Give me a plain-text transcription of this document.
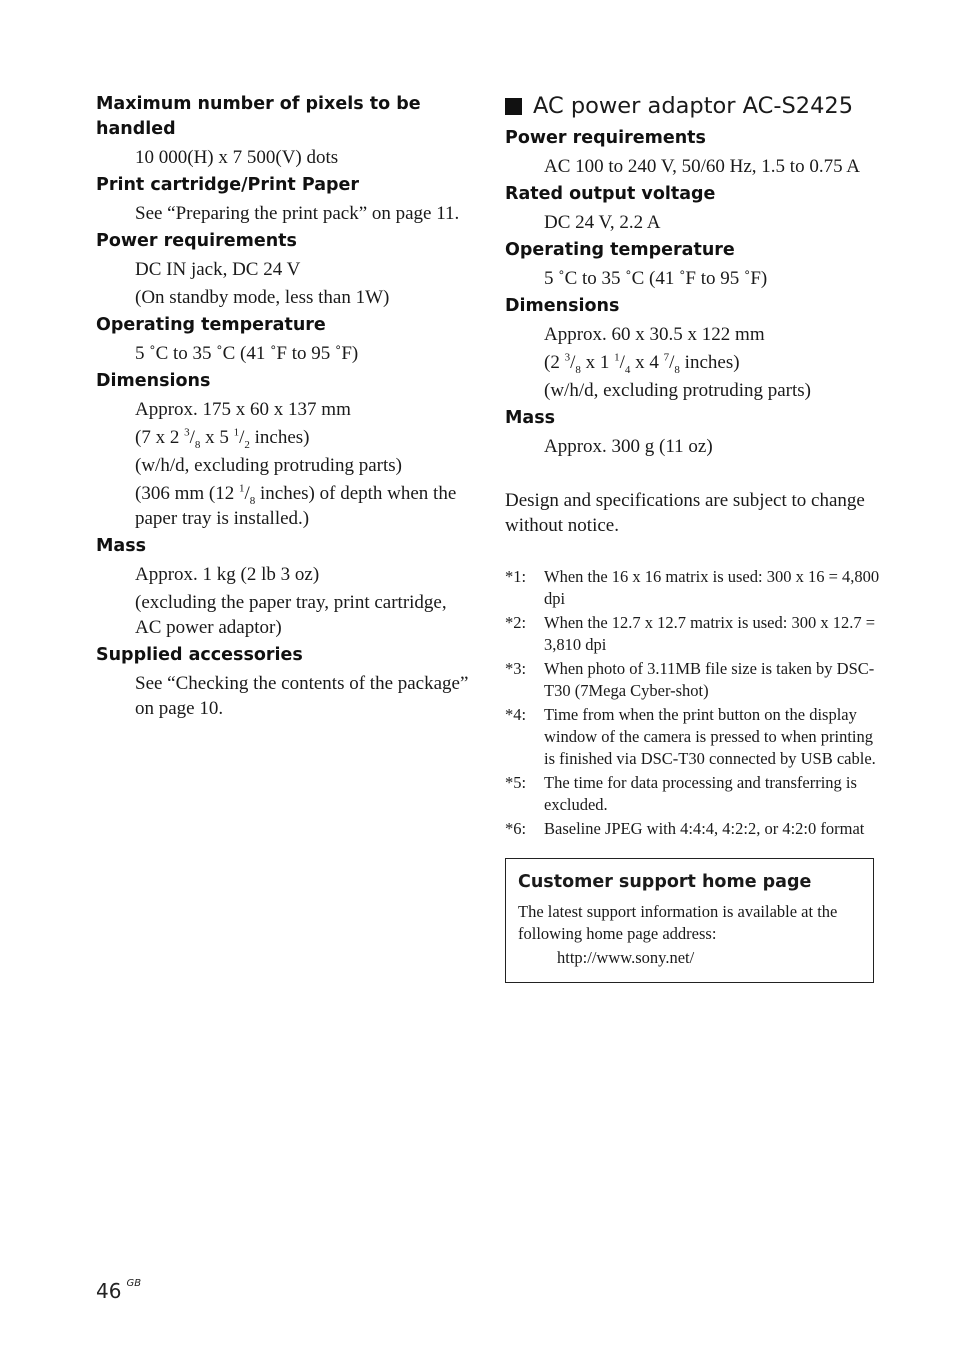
Maximum number of pixels to be handled
10 000(H) x 7 500(V) dots
Print cartridge/Print Paper
See “Preparing the print pack” on page 11.
Power requirements
DC IN jack, DC 24 V
(On standby mode, less than 1W)
Operating temperature
5 ˚C to 35 ˚C (41 ˚F to 95 ˚F)
Dimensions
Approx. 175 x 60 x 137 mm
(7 x 2 $^3/_8$ x 5 $^1/_2$ inches)
(w/h/d, excluding protruding parts)
(306 mm (12 $^1/_8$ inches) of depth when the paper tray is installed.)
Mass
Approx. 1 kg (2 lb 3 oz)
(excluding the paper tray, print cartridge, AC power adaptor)
Supplied accessories
See “Checking the contents of the package” on page 10.
AC power adaptor AC-S2425
Power requirements
AC 100 to 240 V, 50/60 Hz, 1.5 to 0.75 A
Rated output voltage
DC 24 V, 2.2 A
Operating temperature
5 ˚C to 35 ˚C (41 ˚F to 95 ˚F)
Dimensions
Approx. 60 x 30.5 x 122 mm
(2 $^3/_8$ x 1 $^1/_4$ x 4 $^7/_8$ inches)
(w/h/d, excluding protruding parts)
Mass
Approx. 300 g (11 oz)
Design and specifications are subject to change without notice.
*1:	When the 16 x 16 matrix is used: 300 x 16 = 4,800 dpi
*2:	When the 12.7 x 12.7 matrix is used: 300 x 12.7 = 3,810 dpi
*3:	When photo of 3.11MB file size is taken by DSC-T30 (7Mega Cyber-shot)
*4:	Time from when the print button on the display window of the camera is pressed to when printing is finished via DSC-T30 connected by USB cable.
*5:	The time for data processing and transferring is excluded.
*6:	Baseline JPEG with 4:4:4, 4:2:2, or 4:2:0 format
Customer support home page
The latest support information is available at the following home page address:
http://www.sony.net/
46 $^{GB}$
